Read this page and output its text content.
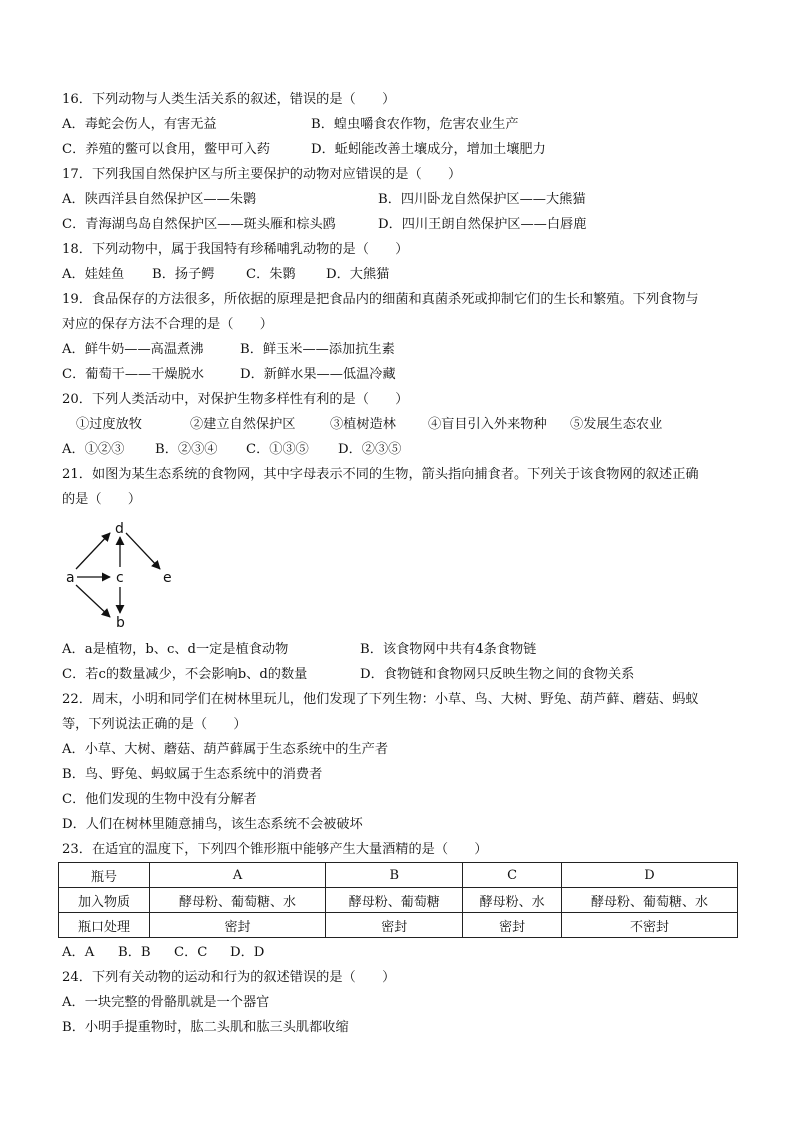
16．下列动物与人类生活关系的叙述，错误的是（　　）
A．毒蛇会伤人，有害无益	B．蝗虫嚼食农作物，危害农业生产
C．养殖的鳖可以食用，鳖甲可入药	D．蚯蚓能改善土壤成分，增加土壤肥力
17．下列我国自然保护区与所主要保护的动物对应错误的是（　　）
A．陕西洋县自然保护区——朱鹮	B．四川卧龙自然保护区——大熊猫
C．青海湖鸟岛自然保护区——斑头雁和棕头鸥	D．四川王朗自然保护区——白唇鹿
18．下列动物中，属于我国特有珍稀哺乳动物的是（　　）
A．娃娃鱼 B．扬子鳄 C．朱鹮 D．大熊猫
19．食品保存的方法很多，所依据的原理是把食品内的细菌和真菌杀死或抑制它们的生长和繁殖。下列食物与
对应的保存方法不合理的是（　　）
A．鲜牛奶——高温煮沸	B．鲜玉米——添加抗生素
C．葡萄干——干燥脱水	D．新鲜水果——低温冷藏
20．下列人类活动中，对保护生物多样性有利的是（　　）
①过度放牧	②建立自然保护区	③植树造林 ④盲目引入外来物种 ⑤发展生态农业
A．①②③ B．②③④ C．①③⑤ D．②③⑤
21．如图为某生态系统的食物网，其中字母表示不同的生物，箭头指向捕食者。下列关于该食物网的叙述正确
的是（　　）
d
a	c	e
b
A．a是植物，b、c、d一定是植食动物	B．该食物网中共有4条食物链
C．若c的数量减少，不会影响b、d的数量	D．食物链和食物网只反映生物之间的食物关系
22．周末，小明和同学们在树林里玩儿，他们发现了下列生物：小草、鸟、大树、野兔、葫芦藓、蘑菇、蚂蚁
等，下列说法正确的是（　　）
A．小草、大树、蘑菇、葫芦藓属于生态系统中的生产者
B．鸟、野兔、蚂蚁属于生态系统中的消费者
C．他们发现的生物中没有分解者
D．人们在树林里随意捕鸟，该生态系统不会被破坏
23．在适宜的温度下，下列四个锥形瓶中能够产生大量酒精的是（　　）
瓶号	A	B	C	D
加入物质	酵母粉、葡萄糖、水	酵母粉、葡萄糖	酵母粉、水	酵母粉、葡萄糖、水
瓶口处理	密封	密封	密封	不密封
A．A B．B C．C D．D
24．下列有关动物的运动和行为的叙述错误的是（　　）
A．一块完整的骨骼肌就是一个器官
B．小明手提重物时，肱二头肌和肱三头肌都收缩
